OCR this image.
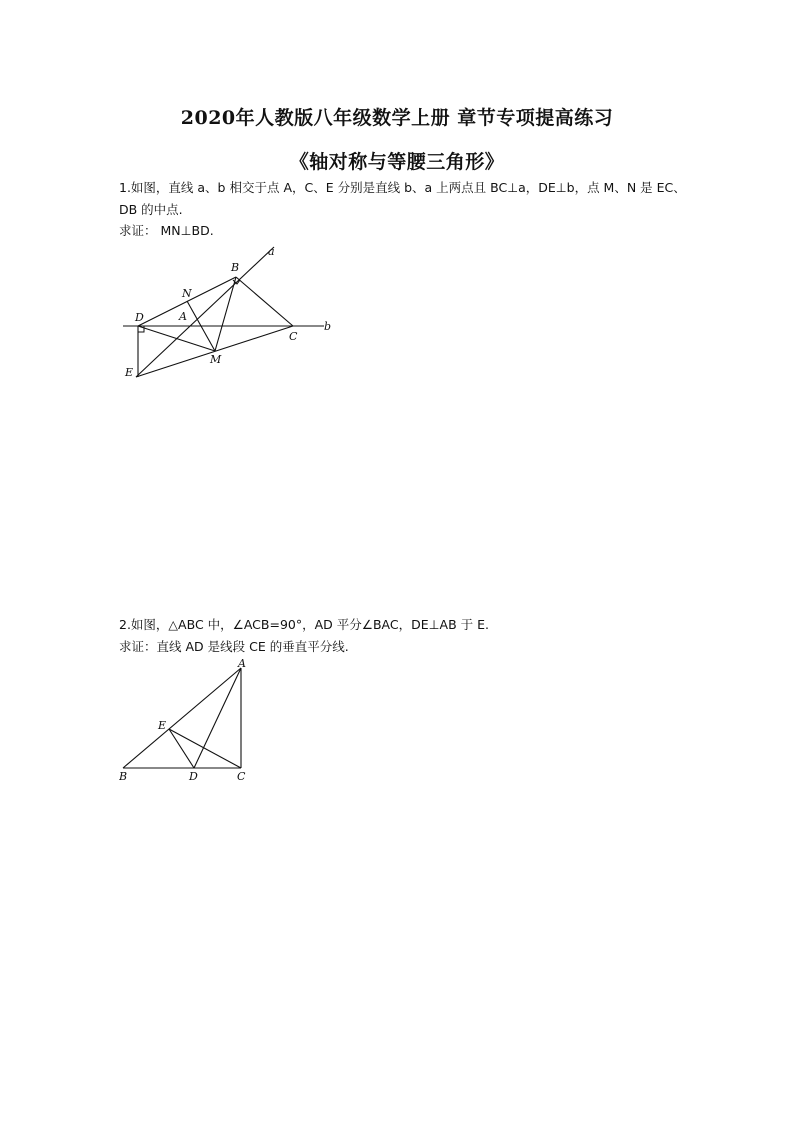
2020年人教版八年级数学上册 章节专项提高练习
《轴对称与等腰三角形》
1.如图，直线 a、b 相交于点 A，C、E 分别是直线 b、a 上两点且 BC⊥a，DE⊥b，点 M、N 是 EC、
DB 的中点.
求证： MN⊥BD.
a
b
B
N
A
D
C
M
E
2.如图，△ABC 中，∠ACB=90°，AD 平分∠BAC，DE⊥AB 于 E.
求证：直线 AD 是线段 CE 的垂直平分线.
A
E
B	D	C
